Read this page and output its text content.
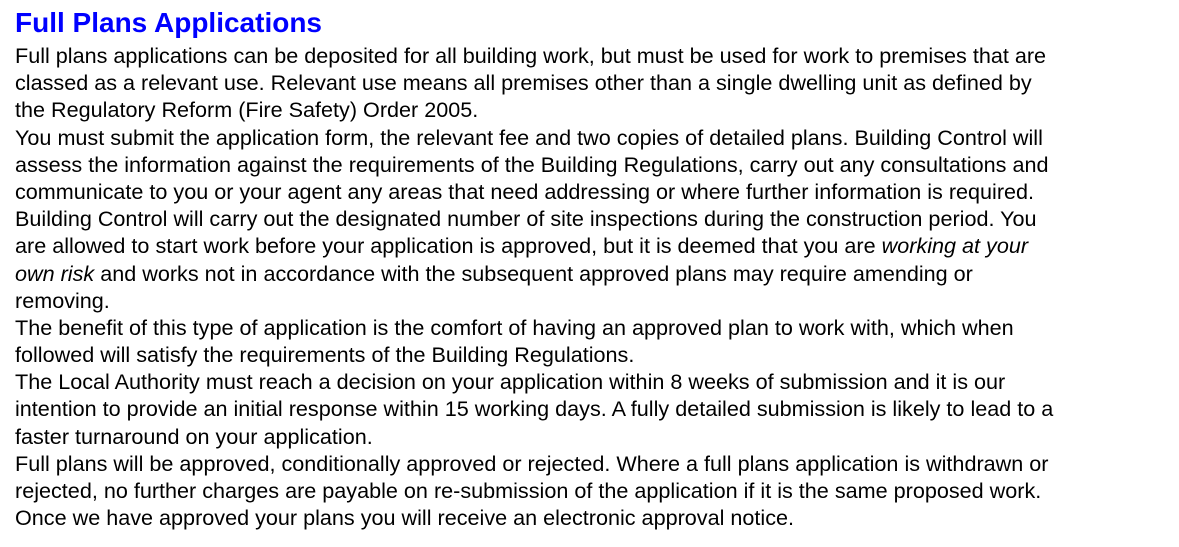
Full Plans Applications
Full plans applications can be deposited for all building work, but must be used for work to premises that are
classed as a relevant use. Relevant use means all premises other than a single dwelling unit as defined by
the Regulatory Reform (Fire Safety) Order 2005.
You must submit the application form, the relevant fee and two copies of detailed plans. Building Control will
assess the information against the requirements of the Building Regulations, carry out any consultations and
communicate to you or your agent any areas that need addressing or where further information is required.
Building Control will carry out the designated number of site inspections during the construction period. You
are allowed to start work before your application is approved, but it is deemed that you are working at your
own risk and works not in accordance with the subsequent approved plans may require amending or
removing.
The benefit of this type of application is the comfort of having an approved plan to work with, which when
followed will satisfy the requirements of the Building Regulations.
The Local Authority must reach a decision on your application within 8 weeks of submission and it is our
intention to provide an initial response within 15 working days. A fully detailed submission is likely to lead to a
faster turnaround on your application.
Full plans will be approved, conditionally approved or rejected. Where a full plans application is withdrawn or
rejected, no further charges are payable on re-submission of the application if it is the same proposed work.
Once we have approved your plans you will receive an electronic approval notice.
